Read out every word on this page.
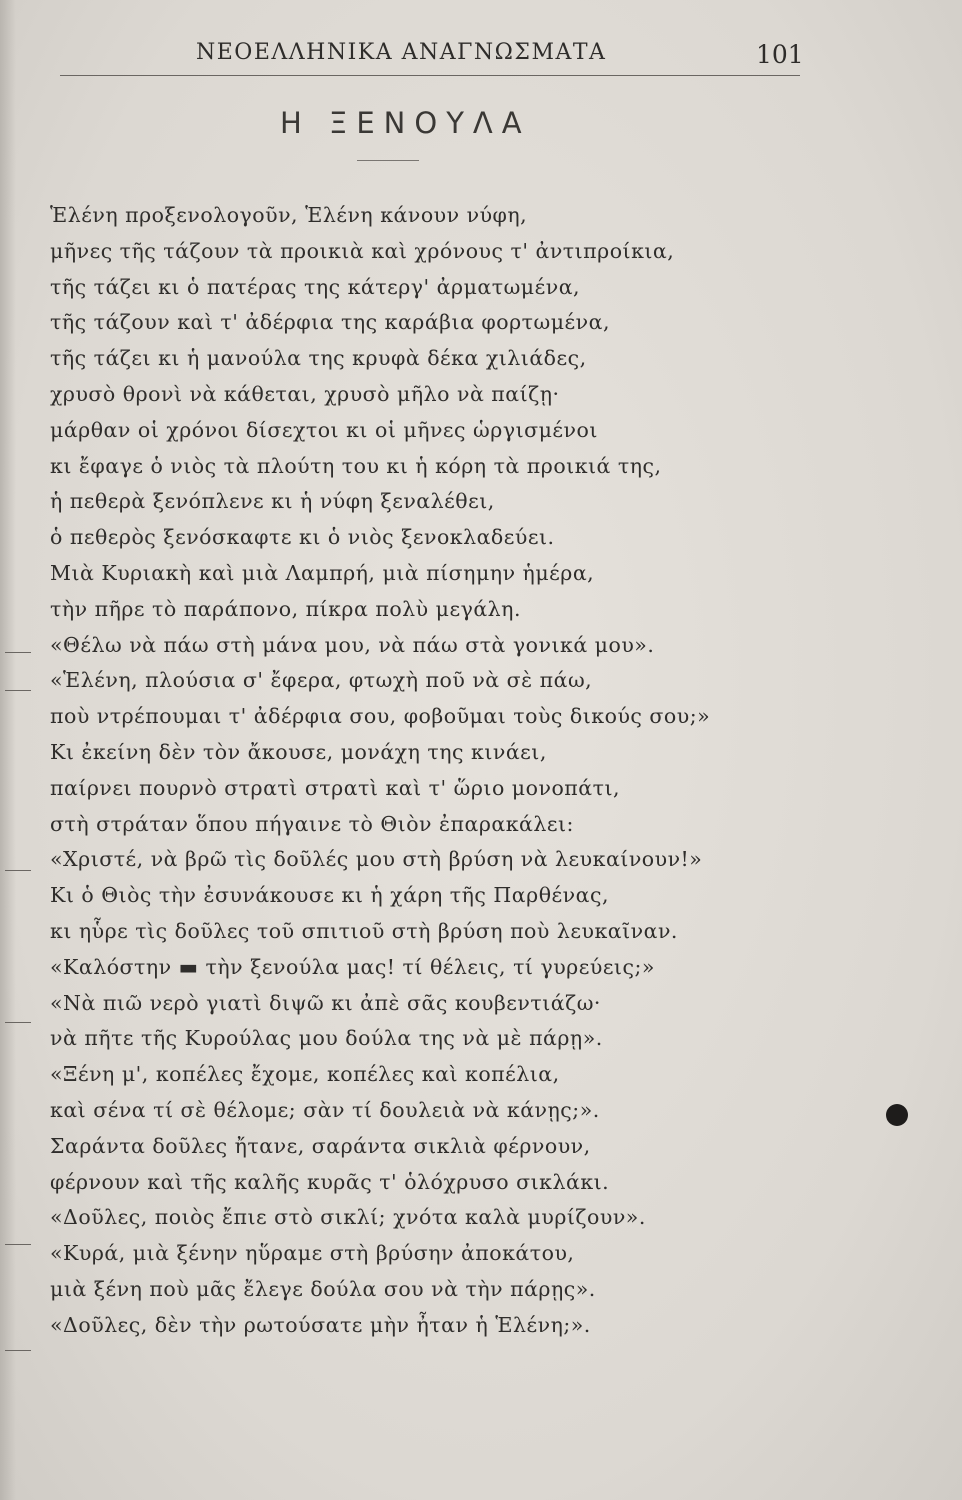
ΝΕΟΕΛΛΗΝΙΚΑ ΑΝΑΓΝΩΣΜΑΤΑ	101
Η ΞΕΝΟΥΛΑ
Ἑλένη προξενολογοῦν, Ἑλένη κάνουν νύφη,
μῆνες τῆς τάζουν τὰ προικιὰ καὶ χρόνους τ' ἀντιπροίκια,
τῆς τάζει κι ὁ πατέρας της κάτεργ' ἀρματωμένα,
τῆς τάζουν καὶ τ' ἀδέρφια της καράβια φορτωμένα,
τῆς τάζει κι ἡ μανούλα της κρυφὰ δέκα χιλιάδες,
χρυσὸ θρονὶ νὰ κάθεται, χρυσὸ μῆλο νὰ παίζῃ·
μάρθαν οἱ χρόνοι δίσεχτοι κι οἱ μῆνες ὡργισμένοι
κι ἔφαγε ὁ νιὸς τὰ πλούτη του κι ἡ κόρη τὰ προικιά της,
ἡ πεθερὰ ξενόπλενε κι ἡ νύφη ξεναλέθει,
ὁ πεθερὸς ξενόσκαφτε κι ὁ νιὸς ξενοκλαδεύει.
Μιὰ Κυριακὴ καὶ μιὰ Λαμπρή, μιὰ πίσημην ἡμέρα,
τὴν πῆρε τὸ παράπονο, πίκρα πολὺ μεγάλη.
«Θέλω νὰ πάω στὴ μάνα μου, νὰ πάω στὰ γονικά μου».
«Ἑλένη, πλούσια σ' ἔφερα, φτωχὴ ποῦ νὰ σὲ πάω,
ποὺ ντρέπουμαι τ' ἀδέρφια σου, φοβοῦμαι τοὺς δικούς σου;»
Κι ἐκείνη δὲν τὸν ἄκουσε, μονάχη της κινάει,
παίρνει πουρνὸ στρατὶ στρατὶ καὶ τ' ὥριο μονοπάτι,
στὴ στράταν ὅπου πήγαινε τὸ Θιὸν ἐπαρακάλει:
«Χριστέ, νὰ βρῶ τὶς δοῦλές μου στὴ βρύση νὰ λευκαίνουν!»
Κι ὁ Θιὸς τὴν ἐσυνάκουσε κι ἡ χάρη τῆς Παρθένας,
κι ηὗρε τὶς δοῦλες τοῦ σπιτιοῦ στὴ βρύση ποὺ λευκαῖναν.
«Καλόστην ▬ τὴν ξενούλα μας! τί θέλεις, τί γυρεύεις;»
«Νὰ πιῶ νερὸ γιατὶ διψῶ κι ἀπὲ σᾶς κουβεντιάζω·
νὰ πῆτε τῆς Κυρούλας μου δούλα της νὰ μὲ πάρῃ».
«Ξένη μ', κοπέλες ἔχομε, κοπέλες καὶ κοπέλια,
καὶ σένα τί σὲ θέλομε; σὰν τί δουλειὰ νὰ κάνῃς;».
Σαράντα δοῦλες ἤτανε, σαράντα σικλιὰ φέρνουν,
φέρνουν καὶ τῆς καλῆς κυρᾶς τ' ὁλόχρυσο σικλάκι.
«Δοῦλες, ποιὸς ἔπιε στὸ σικλί; χνότα καλὰ μυρίζουν».
«Κυρά, μιὰ ξένην ηὕραμε στὴ βρύσην ἀποκάτου,
μιὰ ξένη ποὺ μᾶς ἔλεγε δούλα σου νὰ τὴν πάρῃς».
«Δοῦλες, δὲν τὴν ρωτούσατε μὴν ἦταν ἡ Ἑλένη;».
